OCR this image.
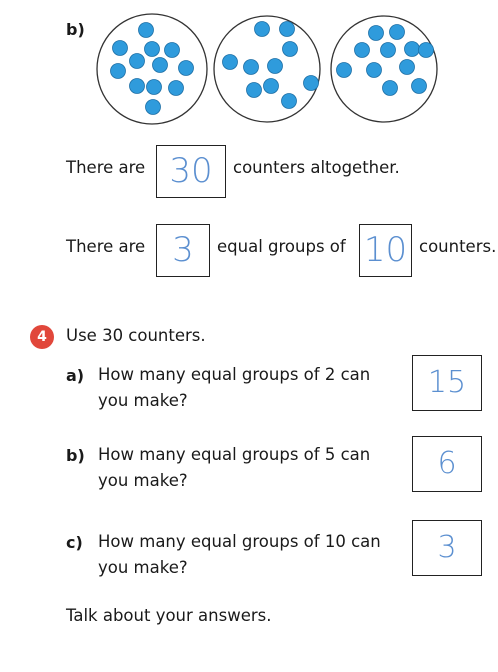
b)
There are 30	counters altogether.
There are 3	equal groups of 10 counters.
4	Use 30 counters.
a) How many equal groups of 2 can
you make?
15
b) How many equal groups of 5 can
you make?	6
c) How many equal groups of 10 can
you make?
3
Talk about your answers.
